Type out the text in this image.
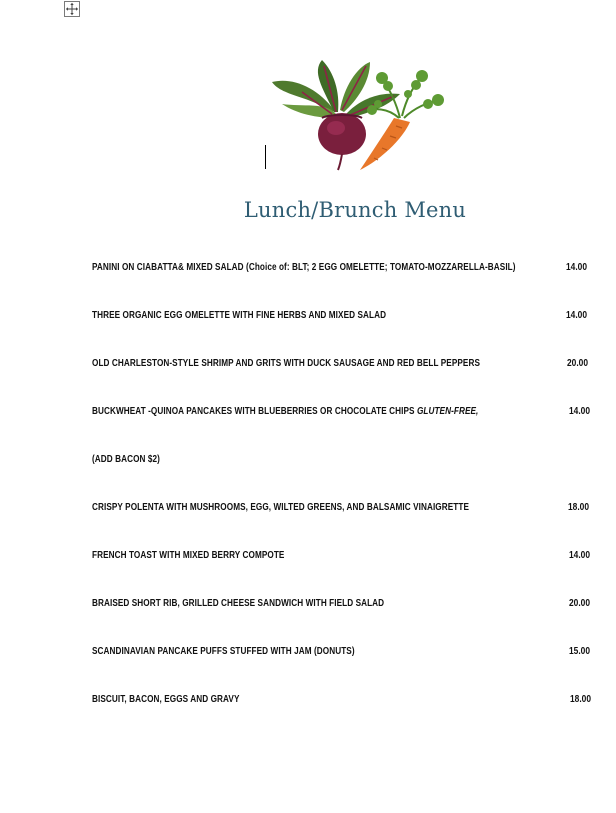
Lunch/Brunch Menu
PANINI ON CIABATTA& MIXED SALAD (Choice of: BLT; 2 EGG OMELETTE; TOMATO-MOZZARELLA-BASIL)	14.00
THREE ORGANIC EGG OMELETTE WITH FINE HERBS AND MIXED SALAD	14.00
OLD CHARLESTON-STYLE SHRIMP AND GRITS WITH DUCK SAUSAGE AND RED BELL PEPPERS	20.00
BUCKWHEAT -QUINOA PANCAKES WITH BLUEBERRIES OR CHOCOLATE CHIPS GLUTEN-FREE,	14.00
(ADD BACON $2)
CRISPY POLENTA WITH MUSHROOMS, EGG, WILTED GREENS, AND BALSAMIC VINAIGRETTE	18.00
FRENCH TOAST WITH MIXED BERRY COMPOTE	14.00
BRAISED SHORT RIB, GRILLED CHEESE SANDWICH WITH FIELD SALAD	20.00
SCANDINAVIAN PANCAKE PUFFS STUFFED WITH JAM (DONUTS)	15.00
BISCUIT, BACON, EGGS AND GRAVY	18.00
